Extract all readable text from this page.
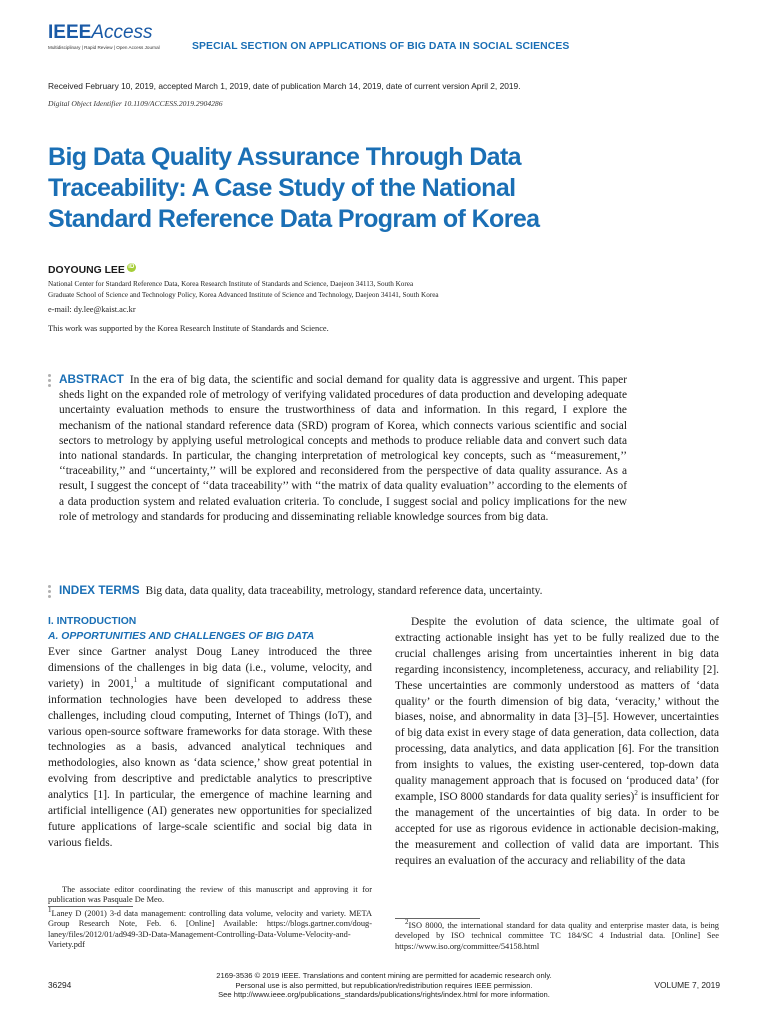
IEEEAccess
Multidisciplinary | Rapid Review | Open Access Journal	SPECIAL SECTION ON APPLICATIONS OF BIG DATA IN SOCIAL SCIENCES
Received February 10, 2019, accepted March 1, 2019, date of publication March 14, 2019, date of current version April 2, 2019.
Digital Object Identifier 10.1109/ACCESS.2019.2904286
Big Data Quality Assurance Through Data
Traceability: A Case Study of the National
Standard Reference Data Program of Korea
DOYOUNG LEE iD
National Center for Standard Reference Data, Korea Research Institute of Standards and Science, Daejeon 34113, South Korea
Graduate School of Science and Technology Policy, Korea Advanced Institute of Science and Technology, Daejeon 34141, South Korea
e-mail: dy.lee@kaist.ac.kr
This work was supported by the Korea Research Institute of Standards and Science.
ABSTRACT In the era of big data, the scientific and social demand for quality data is aggressive and urgent. This paper sheds light on the expanded role of metrology of verifying validated procedures of data production and developing adequate uncertainty evaluation methods to ensure the trustworthiness of data and information. In this regard, I explore the mechanism of the national standard reference data (SRD) program of Korea, which connects various scientific and social sectors to metrology by applying useful metrological concepts and methods to produce reliable data and convert such data into national standards. In particular, the changing interpretation of metrological key concepts, such as ‘‘measurement,’’ ‘‘traceability,’’ and ‘‘uncertainty,’’ will be explored and reconsidered from the perspective of data quality assurance. As a result, I suggest the concept of ‘‘data traceability’’ with ‘‘the matrix of data quality evaluation’’ according to the elements of a data production system and related evaluation criteria. To conclude, I suggest social and policy implications for the new role of metrology and standards for producing and disseminating reliable knowledge sources from big data.
INDEX TERMS Big data, data quality, data traceability, metrology, standard reference data, uncertainty.
I. INTRODUCTION
A. OPPORTUNITIES AND CHALLENGES OF BIG DATA

Ever since Gartner analyst Doug Laney introduced the three dimensions of the challenges in big data (i.e., volume, velocity, and variety) in 2001,$^1$ a multitude of significant computational and information technologies have been developed to address these challenges, including cloud computing, Internet of Things (IoT), and various open-source software frameworks for data storage. With these technologies as a basis, advanced analytical techniques and methodologies, also known as ‘data science,’ show great potential in evolving from descriptive and predictable analytics to prescriptive analytics [1]. In particular, the emergence of machine learning and artificial intelligence (AI) generates new opportunities for specialized future applications of large-scale scientific and social big data in various fields.

The associate editor coordinating the review of this manuscript and approving it for publication was Pasquale De Meo.
$^1$Laney D (2001) 3-d data management: controlling data volume, velocity and variety. META Group Research Note, Feb. 6. [Online] Available: https://blogs.gartner.com/doug-laney/files/2012/01/ad949-3D-Data-Management-Controlling-Data-Volume-Velocity-and-Variety.pdf

Despite the evolution of data science, the ultimate goal of extracting actionable insight has yet to be fully realized due to the crucial challenges arising from uncertainties inherent in big data regarding inconsistency, incompleteness, accuracy, and reliability [2]. These uncertainties are commonly understood as matters of ‘data quality’ or the fourth dimension of big data, ‘veracity,’ without the biases, noise, and abnormality in data [3]–[5]. However, uncertainties of big data exist in every stage of data generation, data collection, data processing, data analytics, and data application [6]. For the transition from insights to values, the existing user-centered, top-down data quality management approach that is focused on ‘produced data’ (for example, ISO 8000 standards for data quality series)$^2$ is insufficient for the management of the uncertainties of big data. In order to be accepted for use as rigorous evidence in actionable decision-making, the measurement and collection of valid data are important. This requires an evaluation of the accuracy and reliability of the data

$^2$ISO 8000, the international standard for data quality and enterprise master data, is being developed by ISO technical committee TC 184/SC 4 Industrial data. [Online] See https://www.iso.org/committee/54158.html
36294
2169-3536 © 2019 IEEE. Translations and content mining are permitted for academic research only.
Personal use is also permitted, but republication/redistribution requires IEEE permission.
See http://www.ieee.org/publications_standards/publications/rights/index.html for more information.
VOLUME 7, 2019
